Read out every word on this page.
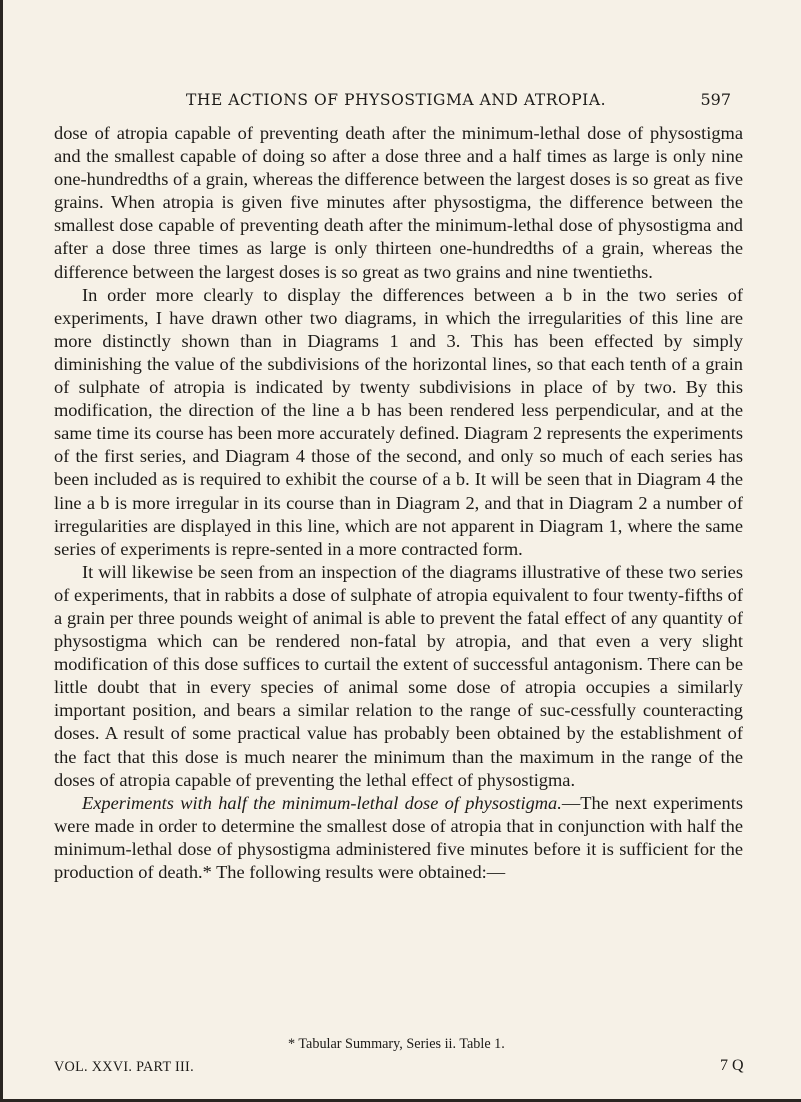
THE ACTIONS OF PHYSOSTIGMA AND ATROPIA.	597

dose of atropia capable of preventing death after the minimum-lethal dose of physostigma and the smallest capable of doing so after a dose three and a half times as large is only nine one-hundredths of a grain, whereas the difference between the largest doses is so great as five grains. When atropia is given five minutes after physostigma, the difference between the smallest dose capable of preventing death after the minimum-lethal dose of physostigma and after a dose three times as large is only thirteen one-hundredths of a grain, whereas the difference between the largest doses is so great as two grains and nine twentieths.

In order more clearly to display the differences between a b in the two series of experiments, I have drawn other two diagrams, in which the irregularities of this line are more distinctly shown than in Diagrams 1 and 3. This has been effected by simply diminishing the value of the subdivisions of the horizontal lines, so that each tenth of a grain of sulphate of atropia is indicated by twenty subdivisions in place of by two. By this modification, the direction of the line a b has been rendered less perpendicular, and at the same time its course has been more accurately defined. Diagram 2 represents the experiments of the first series, and Diagram 4 those of the second, and only so much of each series has been included as is required to exhibit the course of a b. It will be seen that in Diagram 4 the line a b is more irregular in its course than in Diagram 2, and that in Diagram 2 a number of irregularities are displayed in this line, which are not apparent in Diagram 1, where the same series of experiments is repre-sented in a more contracted form.

It will likewise be seen from an inspection of the diagrams illustrative of these two series of experiments, that in rabbits a dose of sulphate of atropia equivalent to four twenty-fifths of a grain per three pounds weight of animal is able to prevent the fatal effect of any quantity of physostigma which can be rendered non-fatal by atropia, and that even a very slight modification of this dose suffices to curtail the extent of successful antagonism. There can be little doubt that in every species of animal some dose of atropia occupies a similarly important position, and bears a similar relation to the range of suc-cessfully counteracting doses. A result of some practical value has probably been obtained by the establishment of the fact that this dose is much nearer the minimum than the maximum in the range of the doses of atropia capable of preventing the lethal effect of physostigma.

Experiments with half the minimum-lethal dose of physostigma.—The next experiments were made in order to determine the smallest dose of atropia that in conjunction with half the minimum-lethal dose of physostigma administered five minutes before it is sufficient for the production of death.* The following results were obtained:—

* Tabular Summary, Series ii. Table 1.
VOL. XXVI. PART III.	7 Q
